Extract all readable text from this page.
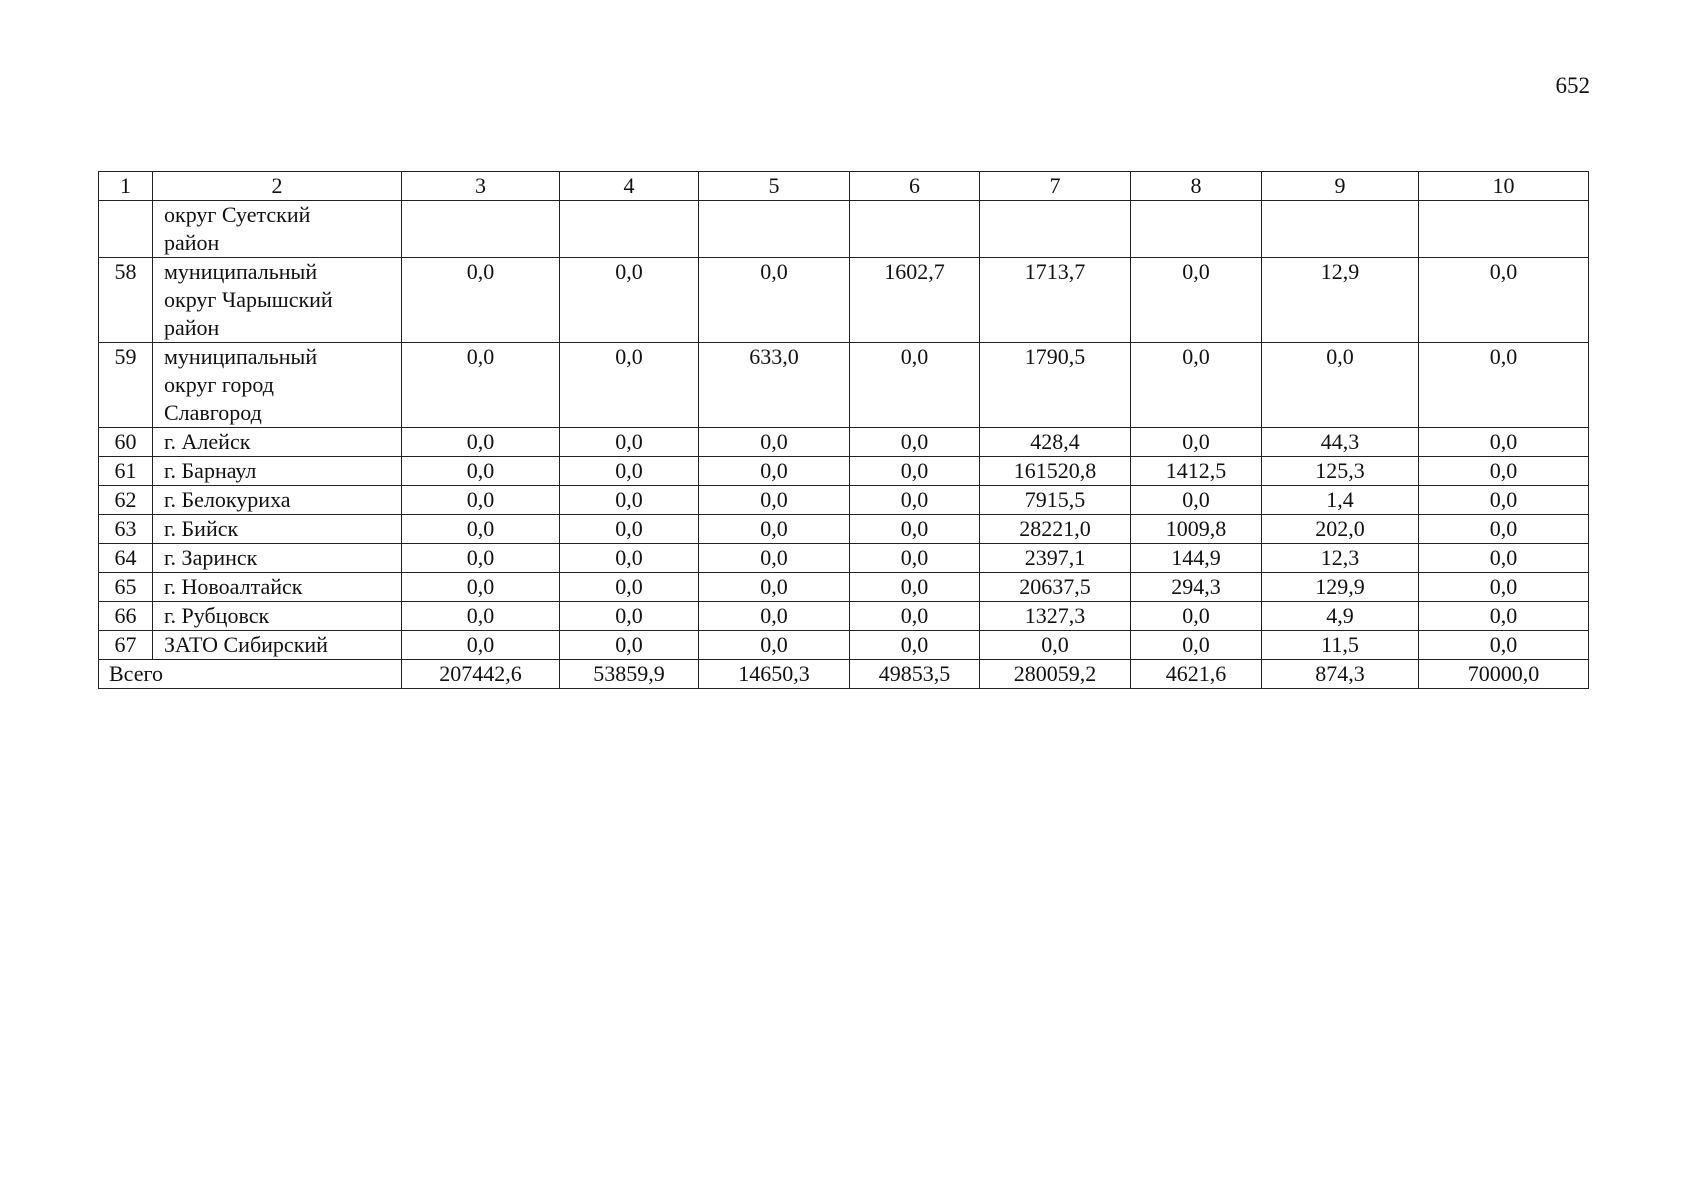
652
1	2	3	4	5	6	7	8	9	10

	округ Суетский
район								

58	муниципальный
округ Чарышский
район	0,0	0,0	0,0	1602,7	1713,7	0,0	12,9	0,0
59	муниципальный
округ город
Славгород	0,0	0,0	633,0	0,0	1790,5	0,0	0,0	0,0
60	г. Алейск	0,0	0,0	0,0	0,0	428,4	0,0	44,3	0,0
61	г. Барнаул	0,0	0,0	0,0	0,0	161520,8	1412,5	125,3	0,0
62	г. Белокуриха	0,0	0,0	0,0	0,0	7915,5	0,0	1,4	0,0
63	г. Бийск	0,0	0,0	0,0	0,0	28221,0	1009,8	202,0	0,0
64	г. Заринск	0,0	0,0	0,0	0,0	2397,1	144,9	12,3	0,0
65	г. Новоалтайск	0,0	0,0	0,0	0,0	20637,5	294,3	129,9	0,0
66	г. Рубцовск	0,0	0,0	0,0	0,0	1327,3	0,0	4,9	0,0
67	ЗАТО Сибирский	0,0	0,0	0,0	0,0	0,0	0,0	11,5	0,0
Всего		207442,6	53859,9	14650,3	49853,5	280059,2	4621,6	874,3	70000,0
